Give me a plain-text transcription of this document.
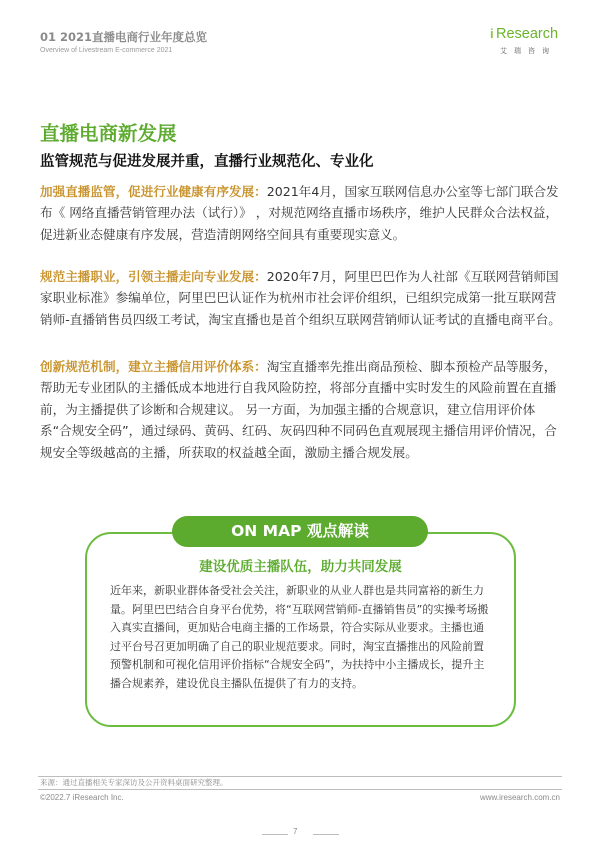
01 2021直播电商行业年度总览
Overview of Livestream E-commerce 2021
i Research
艾瑞咨询
直播电商新发展
监管规范与促进发展并重，直播行业规范化、专业化
加强直播监管，促进行业健康有序发展：2021年4月，国家互联网信息办公室等七部门联合发布《 网络直播营销管理办法（试行）》 ，对规范网络直播市场秩序，维护人民群众合法权益，促进新业态健康有序发展，营造清朗网络空间具有重要现实意义。
规范主播职业，引领主播走向专业发展：2020年7月，阿里巴巴作为人社部《互联网营销师国家职业标准》参编单位，阿里巴巴认证作为杭州市社会评价组织，已组织完成第一批互联网营销师-直播销售员四级工考试，淘宝直播也是首个组织互联网营销师认证考试的直播电商平台。
创新规范机制，建立主播信用评价体系：淘宝直播率先推出商品预检、脚本预检产品等服务，帮助无专业团队的主播低成本地进行自我风险防控，将部分直播中实时发生的风险前置在直播前，为主播提供了诊断和合规建议。 另一方面，为加强主播的合规意识，建立信用评价体系“合规安全码”，通过绿码、黄码、红码、灰码四种不同码色直观展现主播信用评价情况，合规安全等级越高的主播，所获取的权益越全面，激励主播合规发展。
ON MAP 观点解读
建设优质主播队伍，助力共同发展
近年来，新职业群体备受社会关注，新职业的从业人群也是共同富裕的新生力量。阿里巴巴结合自身平台优势，将“互联网营销师-直播销售员”的实操考场搬入真实直播间，更加贴合电商主播的工作场景，符合实际从业要求。主播也通过平台号召更加明确了自己的职业规范要求。同时，淘宝直播推出的风险前置预警机制和可视化信用评价指标“合规安全码”，为扶持中小主播成长，提升主播合规素养，建设优良主播队伍提供了有力的支持。
来源：通过直播相关专家深访及公开资料桌面研究整理。
©2022.7 iResearch Inc.	www.iresearch.com.cn
7
